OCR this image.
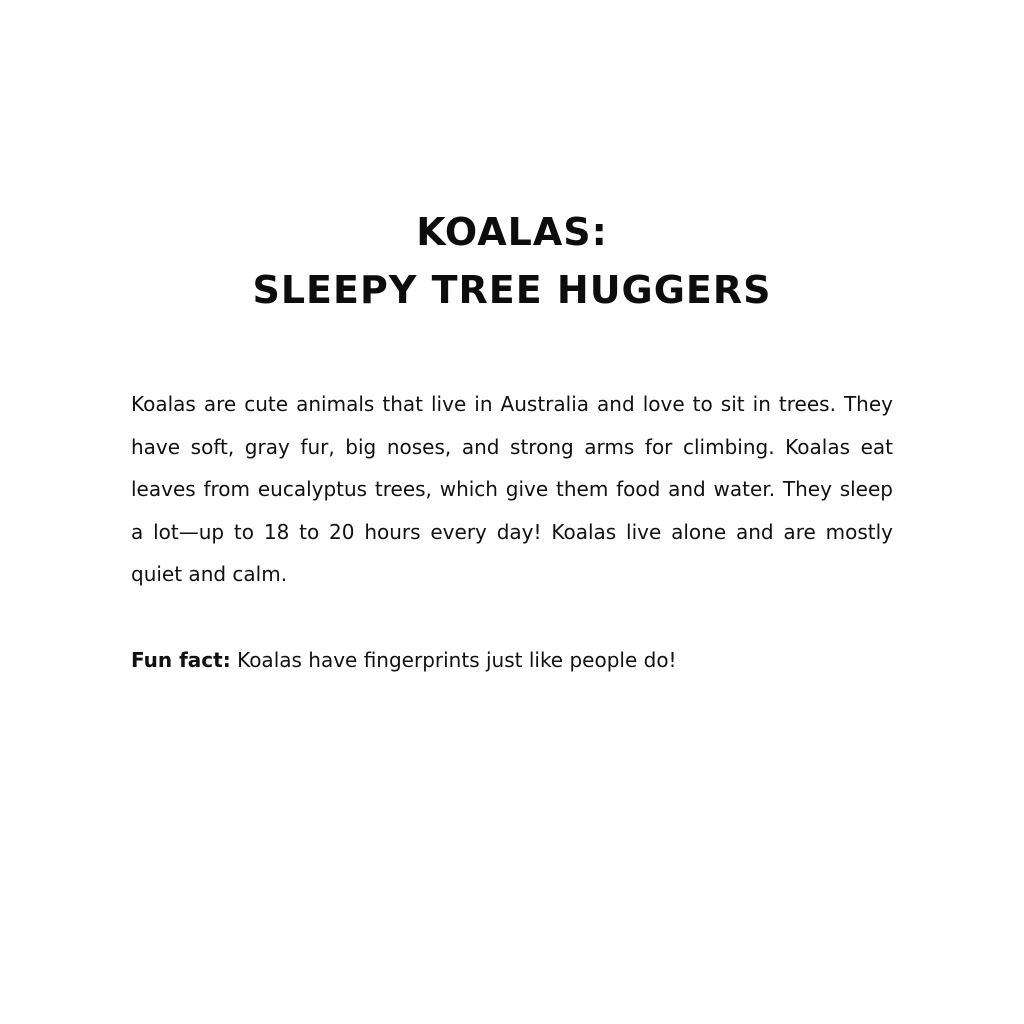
KOALAS:
SLEEPY TREE HUGGERS

Koalas are cute animals that live in Australia and love to sit in trees. They have soft, gray fur, big noses, and strong arms for climbing. Koalas eat leaves from eucalyptus trees, which give them food and water. They sleep a lot—up to 18 to 20 hours every day! Koalas live alone and are mostly quiet and calm.

Fun fact: Koalas have fingerprints just like people do!
